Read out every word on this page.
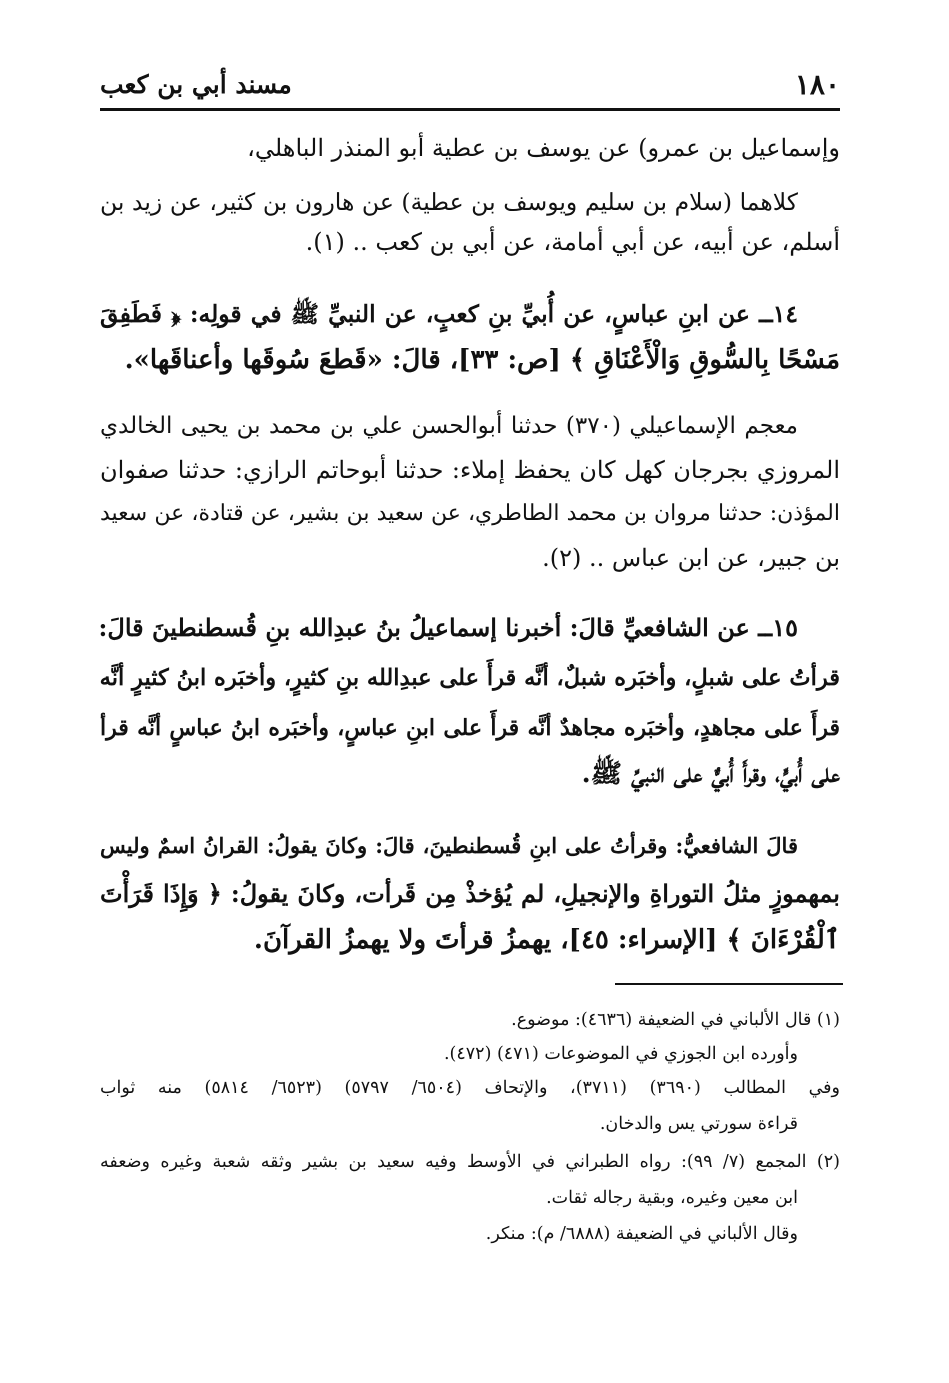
١٨٠
مسند أبي بن كعب
وإسماعيل بن عمرو) عن يوسف بن عطية أبو المنذر الباهلي،
كلاهما (سلام بن سليم ويوسف بن عطية) عن هارون بن كثير، عن زيد بن
أسلم، عن أبيه، عن أبي أمامة، عن أبي بن كعب .. (١).
١٤ــ عن ابنِ عباسٍ، عن أُبيِّ بنِ كعبٍ، عن النبيِّ ﷺ في قولِه: ﴿ فَطَفِقَ
مَسْحًا بِالسُّوقِ وَالْأَعْنَاقِ ﴾ [ص: ٣٣]، قالَ: «قَطعَ سُوقَها وأعناقَها».
معجم الإسماعيلي (٣٧٠) حدثنا أبوالحسن علي بن محمد بن يحيى الخالدي
المروزي بجرجان كهل كان يحفظ إملاء: حدثنا أبوحاتم الرازي: حدثنا صفوان
المؤذن: حدثنا مروان بن محمد الطاطري، عن سعيد بن بشير، عن قتادة، عن سعيد
بن جبير، عن ابن عباس .. (٢).
١٥ــ عن الشافعيِّ قالَ: أخبرنا إسماعيلُ بنُ عبدِالله بنِ قُسطنطينَ قالَ:
قرأتُ على شبلٍ، وأخبَره شبلٌ، أنَّه قرأَ على عبدِالله بنِ كثيرٍ، وأخبَره ابنُ كثيرٍ أنَّه
قرأَ على مجاهدٍ، وأخبَره مجاهدٌ أنَّه قرأَ على ابنِ عباسٍ، وأخبَره ابنُ عباسٍ أنَّه قرأ
على أُبيٍّ، وقرأَ أُبيٌّ على النبيِّ ﷺ.
قالَ الشافعيُّ: وقرأتُ على ابنِ قُسطنطينَ، قالَ: وكانَ يقولُ: القرانُ اسمٌ وليس
بمهموزٍ مثلُ التوراةِ والإنجيلِ، لم يُؤخذْ مِن قَرأت، وكانَ يقولُ: ﴿ وَإِذَا قَرَأْتَ
ٱلْقُرْءَانَ ﴾ [الإسراء: ٤٥]، يهمزُ قرأتَ ولا يهمزُ القرآنَ.
(١) قال الألباني في الضعيفة (٤٦٣٦): موضوع.
وأورده ابن الجوزي في الموضوعات (٤٧١) (٤٧٢).
وفي المطالب (٣٦٩٠) (٣٧١١)، والإتحاف (٦٥٠٤/ ٥٧٩٧) (٦٥٢٣/ ٥٨١٤) منه ثواب
قراءة سورتي يس والدخان.
(٢) المجمع (٧/ ٩٩): رواه الطبراني في الأوسط وفيه سعيد بن بشير وثقه شعبة وغيره وضعفه
ابن معين وغيره، وبقية رجاله ثقات.
وقال الألباني في الضعيفة (٦٨٨٨/ م): منكر.
